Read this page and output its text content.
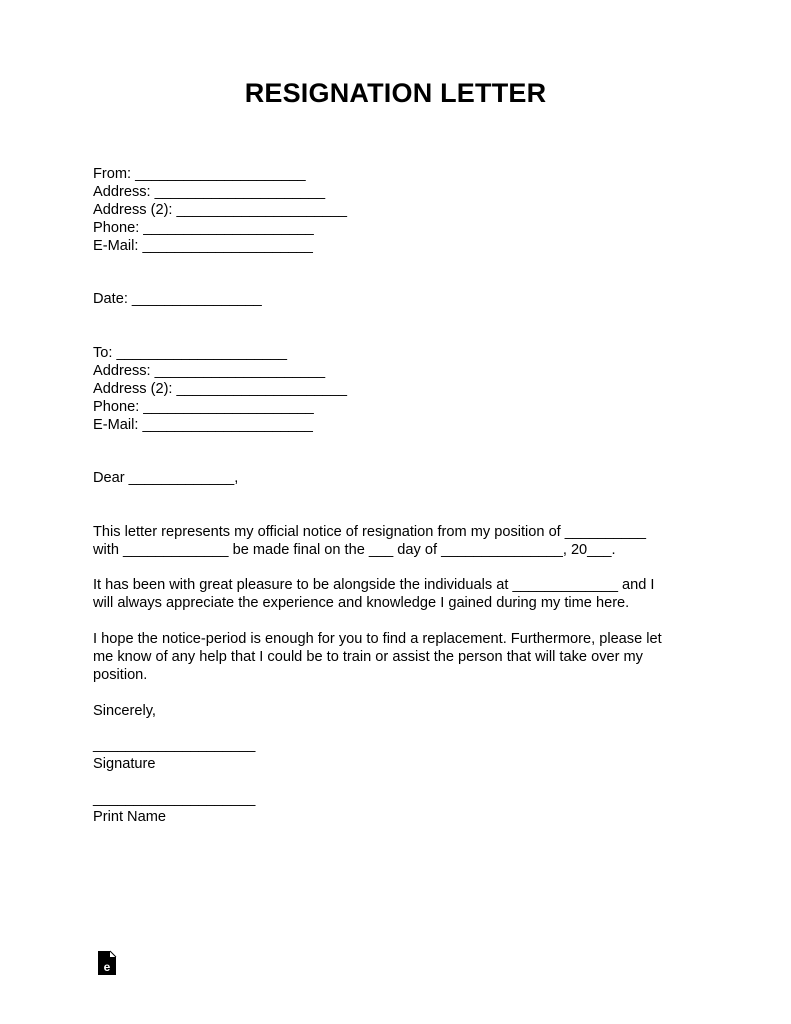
RESIGNATION LETTER
From: _____________________
Address: _____________________
Address (2): _____________________
Phone: _____________________
E-Mail: _____________________
Date: ________________
To: _____________________
Address: _____________________
Address (2): _____________________
Phone: _____________________
E-Mail: _____________________
Dear _____________,
This letter represents my official notice of resignation from my position of __________
with _____________ be made final on the ___ day of _______________, 20___.
It has been with great pleasure to be alongside the individuals at _____________ and I
will always appreciate the experience and knowledge I gained during my time here.
I hope the notice-period is enough for you to find a replacement. Furthermore, please let
me know of any help that I could be to train or assist the person that will take over my
position.
Sincerely,
____________________
Signature
____________________
Print Name
e
